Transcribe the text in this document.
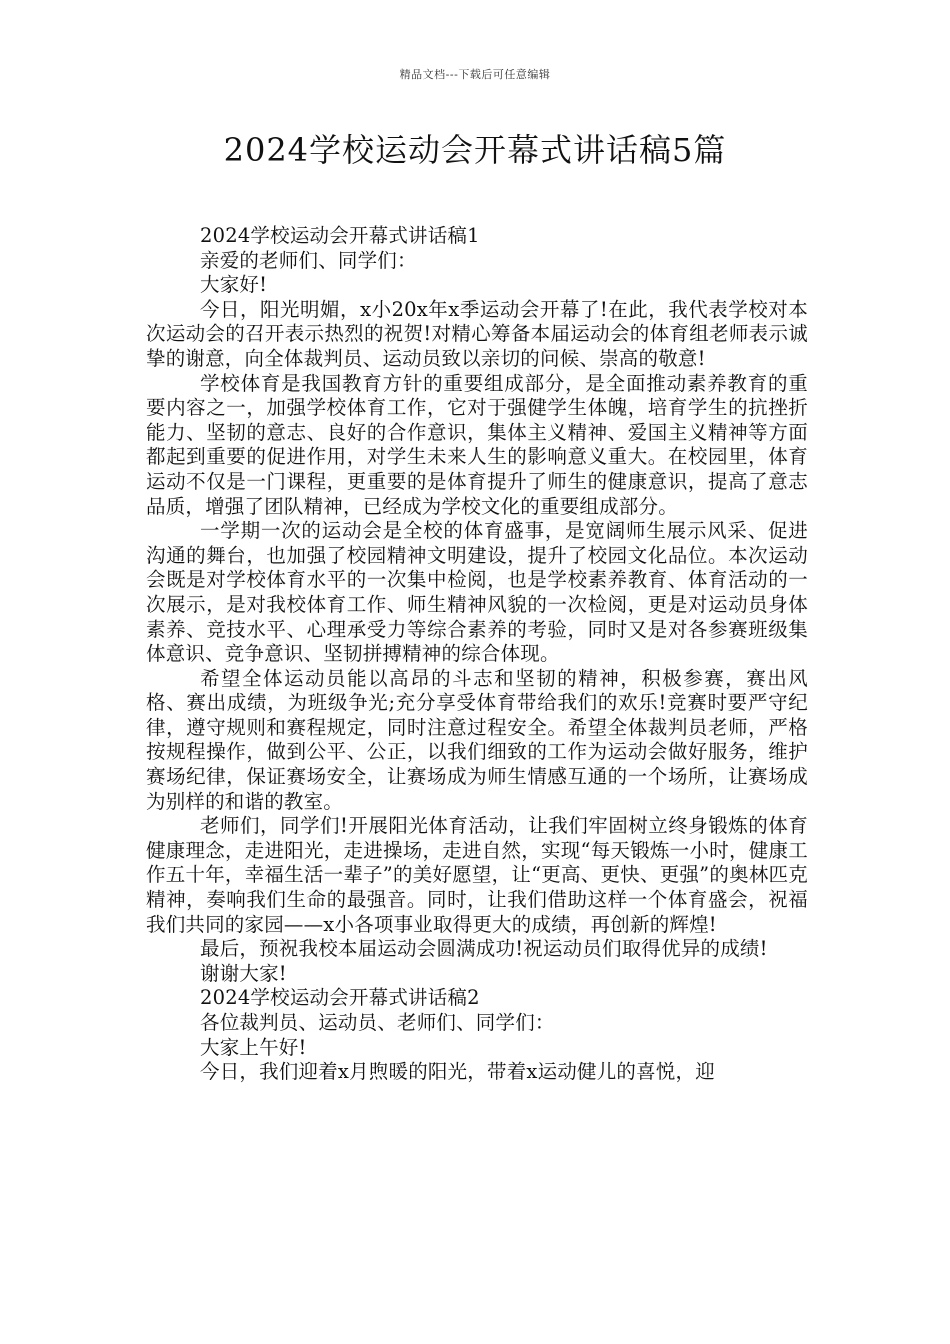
精品文档---下载后可任意编辑
2024学校运动会开幕式讲话稿5篇

2024学校运动会开幕式讲话稿1

亲爱的老师们、同学们：

大家好!

今日，阳光明媚，x小20x年x季运动会开幕了!在此，我代表学校对本次运动会的召开表示热烈的祝贺!对精心筹备本届运动会的体育组老师表示诚挚的谢意，向全体裁判员、运动员致以亲切的问候、崇高的敬意!

学校体育是我国教育方针的重要组成部分，是全面推动素养教育的重要内容之一，加强学校体育工作，它对于强健学生体魄，培育学生的抗挫折能力、坚韧的意志、良好的合作意识，集体主义精神、爱国主义精神等方面都起到重要的促进作用，对学生未来人生的影响意义重大。在校园里，体育运动不仅是一门课程，更重要的是体育提升了师生的健康意识，提高了意志品质，增强了团队精神，已经成为学校文化的重要组成部分。

一学期一次的运动会是全校的体育盛事，是宽阔师生展示风采、促进沟通的舞台，也加强了校园精神文明建设，提升了校园文化品位。本次运动会既是对学校体育水平的一次集中检阅，也是学校素养教育、体育活动的一次展示，是对我校体育工作、师生精神风貌的一次检阅，更是对运动员身体素养、竞技水平、心理承受力等综合素养的考验，同时又是对各参赛班级集体意识、竞争意识、坚韧拼搏精神的综合体现。

希望全体运动员能以高昂的斗志和坚韧的精神，积极参赛，赛出风格、赛出成绩，为班级争光;充分享受体育带给我们的欢乐!竞赛时要严守纪律，遵守规则和赛程规定，同时注意过程安全。希望全体裁判员老师，严格按规程操作，做到公平、公正，以我们细致的工作为运动会做好服务，维护赛场纪律，保证赛场安全，让赛场成为师生情感互通的一个场所，让赛场成为别样的和谐的教室。

老师们，同学们!开展阳光体育活动，让我们牢固树立终身锻炼的体育健康理念，走进阳光，走进操场，走进自然，实现“每天锻炼一小时，健康工作五十年，幸福生活一辈子”的美好愿望，让“更高、更快、更强”的奥林匹克精神，奏响我们生命的最强音。同时，让我们借助这样一个体育盛会，祝福我们共同的家园——x小各项事业取得更大的成绩，再创新的辉煌!

最后，预祝我校本届运动会圆满成功!祝运动员们取得优异的成绩!

谢谢大家!

2024学校运动会开幕式讲话稿2

各位裁判员、运动员、老师们、同学们：

大家上午好!

今日，我们迎着x月煦暖的阳光，带着x运动健儿的喜悦，迎
